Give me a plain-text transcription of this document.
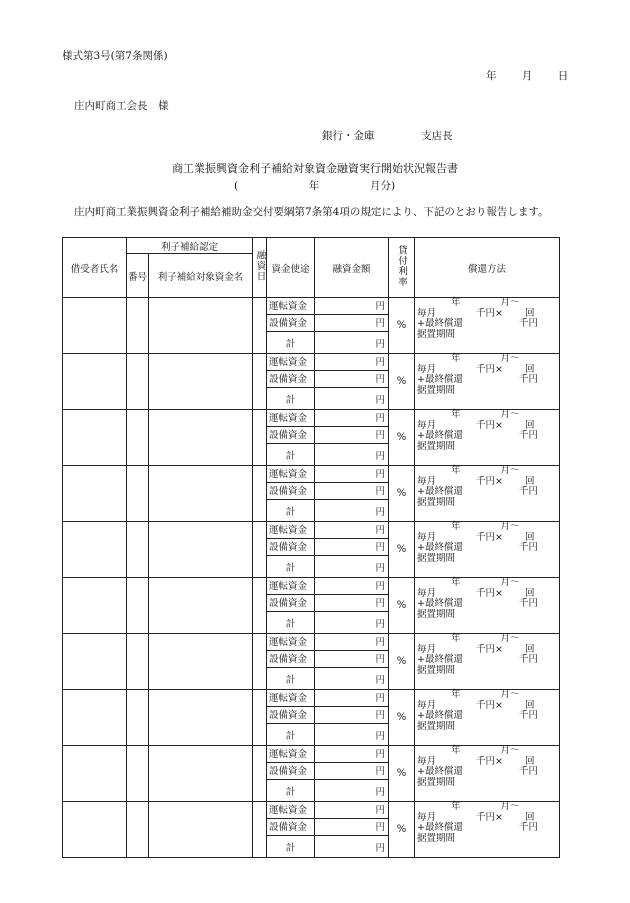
様式第3号(第7条関係)
年 月 日
庄内町商工会長　様
銀行・金庫	支店長
商工業振興資金利子補給対象資金融資実行開始状況報告書
(	年	月分)
庄内町商工業振興資金利子補給補助金交付要綱第7条第4項の規定により、下記のとおり報告します。
借受者氏名	利子補給認定		融資日	資金使途	融資金額	貸付利率	償還方法
	番号	利子補給対象資金名					
				運転資金	円	%	年 月～
毎月 千円× 回
+最終償還 千円
据置期間

				設備資金	円		
				計	円		
				運転資金	円	%	年 月～
毎月 千円× 回
+最終償還 千円
据置期間

				設備資金	円		
				計	円		
				運転資金	円	%	年 月～
毎月 千円× 回
+最終償還 千円
据置期間

				設備資金	円		
				計	円		
				運転資金	円	%	年 月～
毎月 千円× 回
+最終償還 千円
据置期間

				設備資金	円		
				計	円		
				運転資金	円	%	年 月～
毎月 千円× 回
+最終償還 千円
据置期間

				設備資金	円		
				計	円		
				運転資金	円	%	年 月～
毎月 千円× 回
+最終償還 千円
据置期間

				設備資金	円		
				計	円		
				運転資金	円	%	年 月～
毎月 千円× 回
+最終償還 千円
据置期間

				設備資金	円		
				計	円		
				運転資金	円	%	年 月～
毎月 千円× 回
+最終償還 千円
据置期間

				設備資金	円		
				計	円		
				運転資金	円	%	年 月～
毎月 千円× 回
+最終償還 千円
据置期間

				設備資金	円		
				計	円		
				運転資金	円	%	年 月～
毎月 千円× 回
+最終償還 千円
据置期間

				設備資金	円		
				計	円		
